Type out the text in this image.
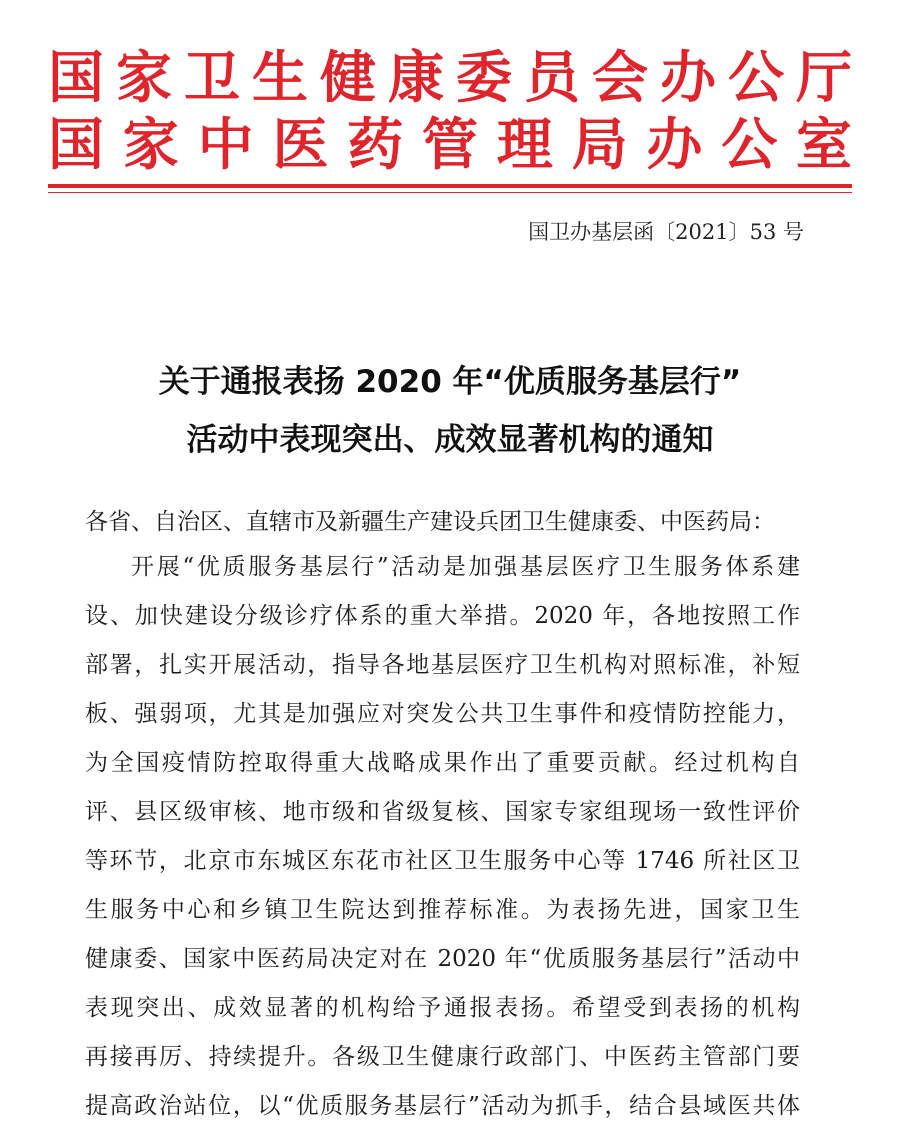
国家卫生健康委员会办公厅
国家中医药管理局办公室
国卫办基层函〔2021〕53 号
关于通报表扬 2020 年“优质服务基层行”
活动中表现突出、成效显著机构的通知
各省、自治区、直辖市及新疆生产建设兵团卫生健康委、中医药局：
开展“优质服务基层行”活动是加强基层医疗卫生服务体系建
设、加快建设分级诊疗体系的重大举措。2020 年，各地按照工作
部署，扎实开展活动，指导各地基层医疗卫生机构对照标准，补短
板、强弱项，尤其是加强应对突发公共卫生事件和疫情防控能力，
为全国疫情防控取得重大战略成果作出了重要贡献。经过机构自
评、县区级审核、地市级和省级复核、国家专家组现场一致性评价
等环节，北京市东城区东花市社区卫生服务中心等 1746 所社区卫
生服务中心和乡镇卫生院达到推荐标准。为表扬先进，国家卫生
健康委、国家中医药局决定对在 2020 年“优质服务基层行”活动中
表现突出、成效显著的机构给予通报表扬。希望受到表扬的机构
再接再厉、持续提升。各级卫生健康行政部门、中医药主管部门要
提高政治站位，以“优质服务基层行”活动为抓手，结合县域医共体
